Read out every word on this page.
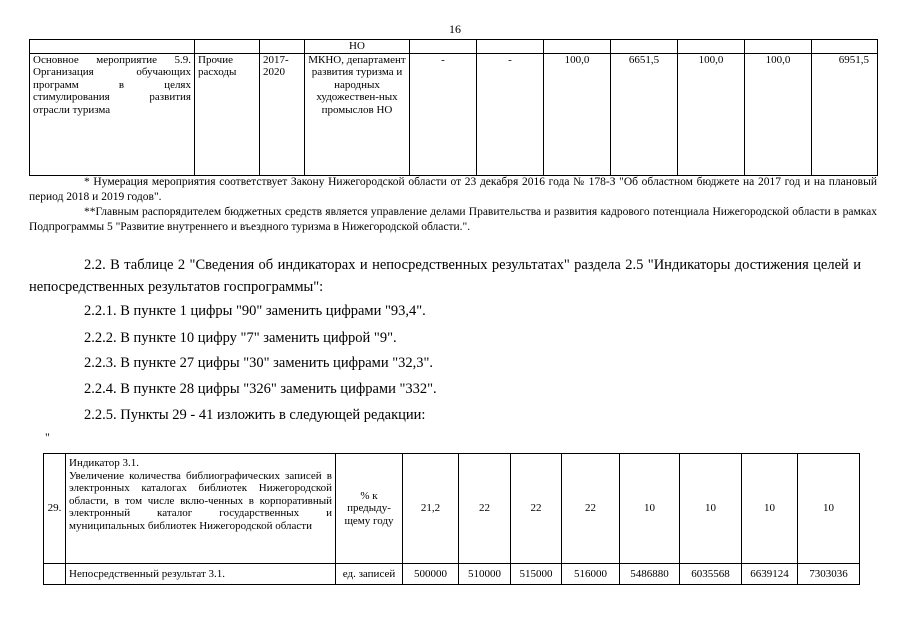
16
			НО							
Основное мероприятие 5.9. Организация обучающих программ в целях стимулирования развития отрасли туризма	Прочие расходы	2017-2020	МКНО, департамент развития туризма и народных художествен-ных промыслов НО	-	-	100,0	6651,5	100,0	100,0	6951,5
* Нумерация мероприятия соответствует Закону Нижегородской области от 23 декабря 2016 года № 178-З "Об областном бюджете на 2017 год и на плановый период 2018 и 2019 годов".
**Главным распорядителем бюджетных средств является управление делами Правительства и развития кадрового потенциала Нижегородской области в рамках Подпрограммы 5 "Развитие внутреннего и въездного туризма в Нижегородской области.".
2.2. В таблице 2 "Сведения об индикаторах и непосредственных результатах" раздела 2.5 "Индикаторы достижения целей и непосредственных результатов госпрограммы":
2.2.1. В пункте 1 цифры "90" заменить цифрами "93,4".
2.2.2. В пункте 10 цифру "7" заменить цифрой "9".
2.2.3. В пункте 27 цифры "30" заменить цифрами "32,3".
2.2.4. В пункте 28 цифры "326" заменить цифрами "332".
2.2.5. Пункты 29 - 41 изложить в следующей редакции:
"
29.	Индикатор 3.1.
Увеличение количества библиографических записей в электронных каталогах библиотек Нижегородской области, в том числе вклю-ченных в корпоративный электронный каталог государственных и муниципальных библиотек Нижегородской области	% к предыду-щему году	21,2	22	22	22	10	10	10	10
	Непосредственный результат 3.1.	ед. записей	500000	510000	515000	516000	5486880	6035568	6639124	7303036
